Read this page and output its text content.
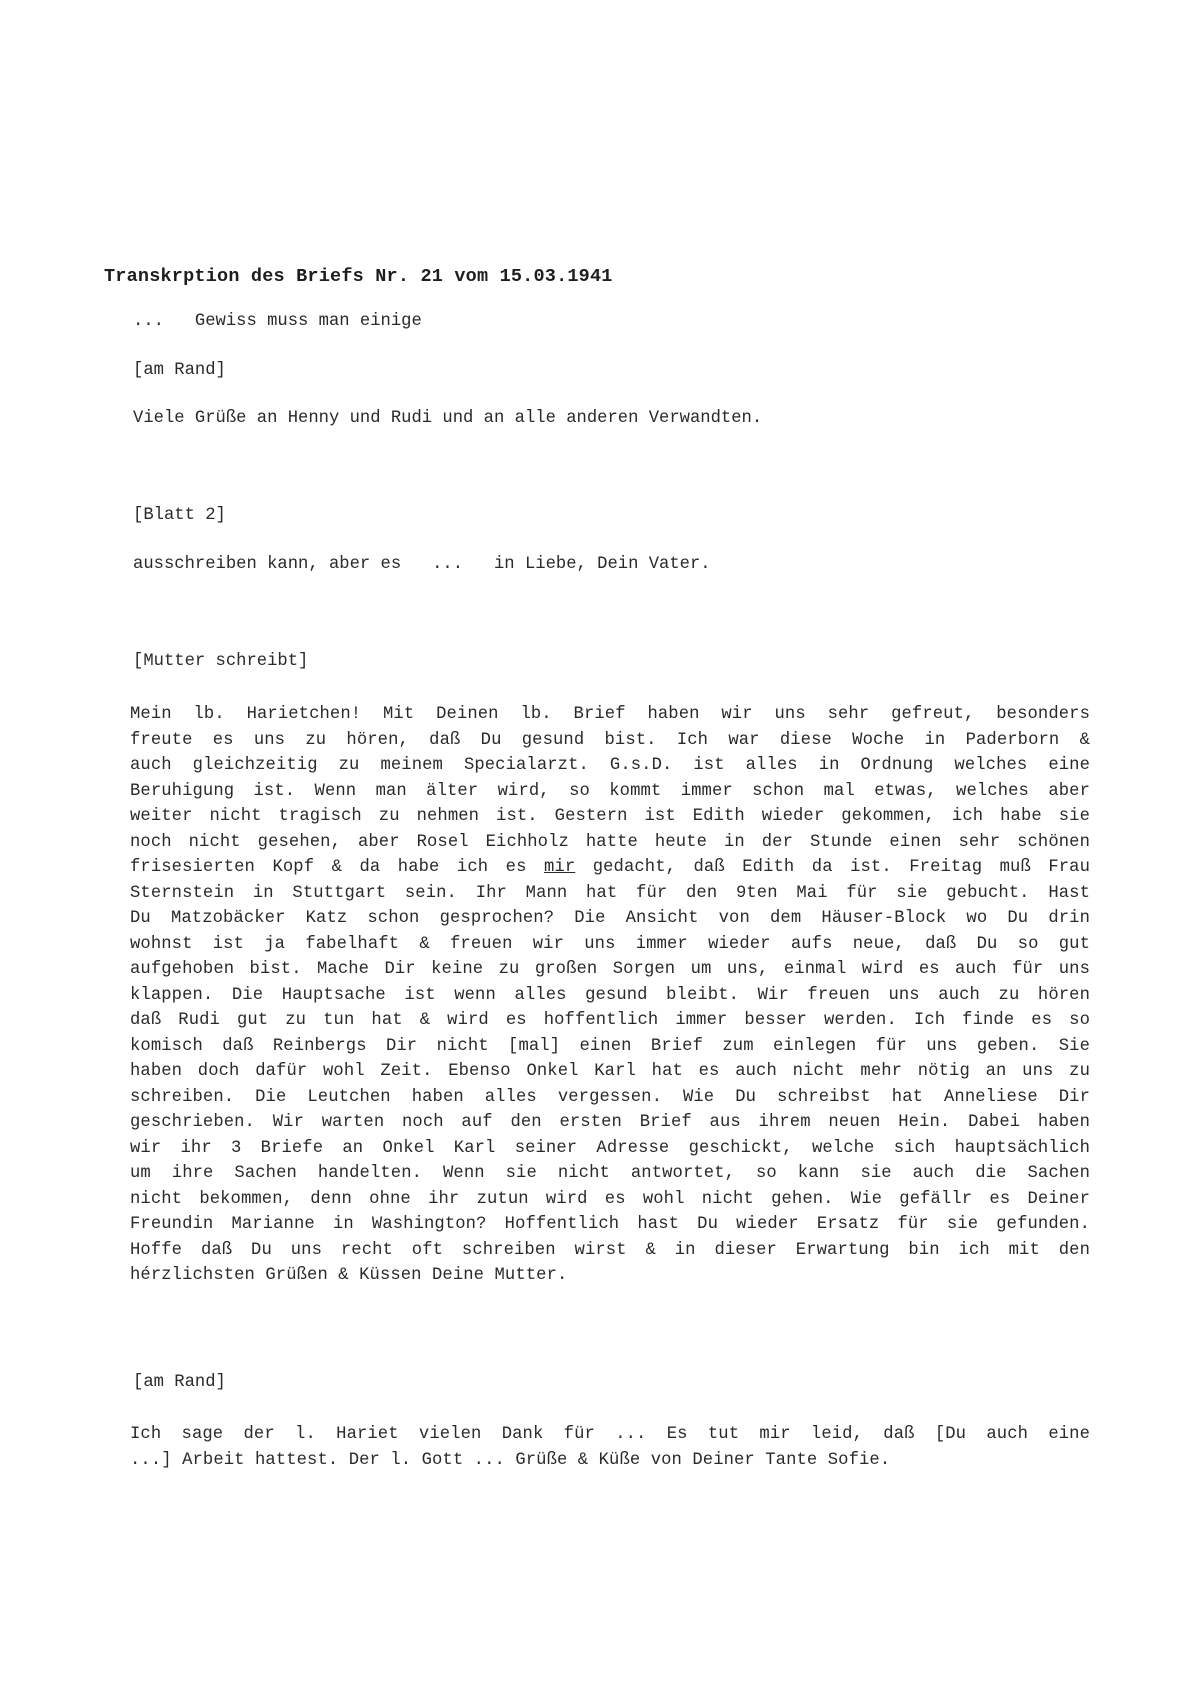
Transkrption des Briefs Nr. 21 vom 15.03.1941
...   Gewiss muss man einige
[am Rand]
Viele Grüße an Henny und Rudi und an alle anderen Verwandten.
[Blatt 2]
ausschreiben kann, aber es   ...   in Liebe, Dein Vater.
[Mutter schreibt]
Mein lb. Harietchen! Mit Deinen lb. Brief haben wir uns sehr gefreut, besonders
freute es uns zu hören, daß Du gesund bist. Ich war diese Woche in Paderborn &
auch gleichzeitig zu meinem Specialarzt. G.s.D. ist alles in Ordnung welches eine
Beruhigung ist. Wenn man älter wird, so kommt immer schon mal etwas, welches aber
weiter nicht tragisch zu nehmen ist. Gestern ist Edith wieder gekommen, ich habe sie
noch nicht gesehen, aber Rosel Eichholz hatte heute in der Stunde einen sehr schönen
frisesierten Kopf & da habe ich es mir gedacht, daß Edith da ist. Freitag muß Frau
Sternstein in Stuttgart sein. Ihr Mann hat für den 9ten Mai für sie gebucht. Hast
Du Matzobäcker Katz schon gesprochen? Die Ansicht von dem Häuser-Block wo Du drin
wohnst ist ja fabelhaft & freuen wir uns immer wieder aufs neue, daß Du so gut
aufgehoben bist. Mache Dir keine zu großen Sorgen um uns, einmal wird es auch für uns
klappen. Die Hauptsache ist wenn alles gesund bleibt. Wir freuen uns auch zu hören
daß Rudi gut zu tun hat & wird es hoffentlich immer besser werden. Ich finde es so
komisch daß Reinbergs Dir nicht [mal] einen Brief zum einlegen für uns geben. Sie
haben doch dafür wohl Zeit. Ebenso Onkel Karl hat es auch nicht mehr nötig an uns zu
schreiben. Die Leutchen haben alles vergessen. Wie Du schreibst hat Anneliese Dir
geschrieben. Wir warten noch auf den ersten Brief aus ihrem neuen Hein. Dabei haben
wir ihr 3 Briefe an Onkel Karl seiner Adresse geschickt, welche sich hauptsächlich
um ihre Sachen handelten. Wenn sie nicht antwortet, so kann sie auch die Sachen
nicht bekommen, denn ohne ihr zutun wird es wohl nicht gehen. Wie gefällr es Deiner
Freundin Marianne in Washington? Hoffentlich hast Du wieder Ersatz für sie gefunden.
Hoffe daß Du uns recht oft schreiben wirst & in dieser Erwartung bin ich mit den
hérzlichsten Grüßen & Küssen Deine Mutter.
[am Rand]
Ich sage der l. Hariet vielen Dank für ... Es tut mir leid, daß [Du auch eine
...] Arbeit hattest. Der l. Gott ... Grüße & Küße von Deiner Tante Sofie.
